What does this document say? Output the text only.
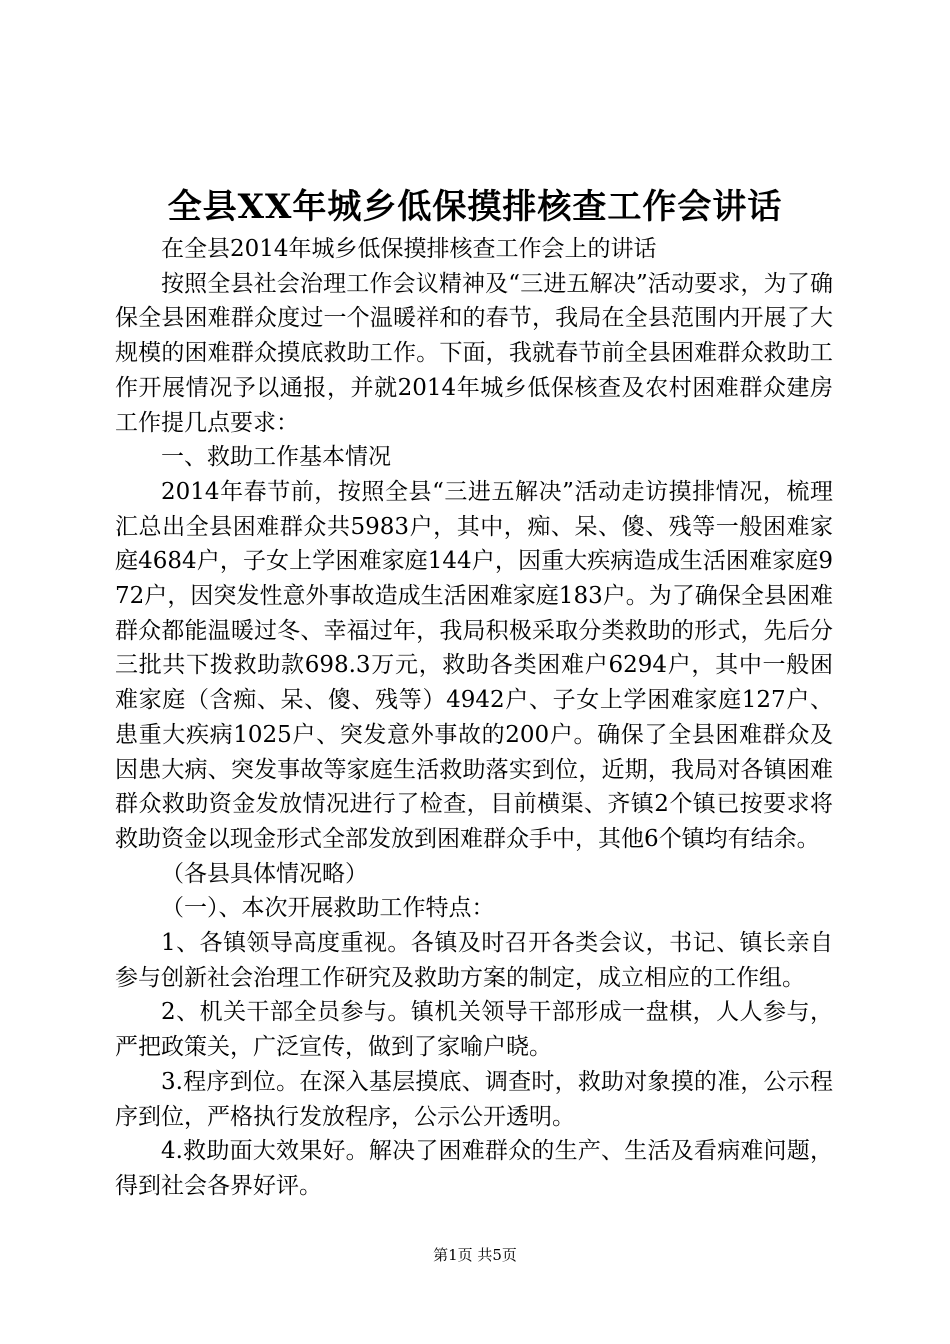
全县XX年城乡低保摸排核查工作会讲话

在全县2014年城乡低保摸排核查工作会上的讲话

按照全县社会治理工作会议精神及“三进五解决”活动要求，为了确保全县困难群众度过一个温暖祥和的春节，我局在全县范围内开展了大规模的困难群众摸底救助工作。下面，我就春节前全县困难群众救助工作开展情况予以通报，并就2014年城乡低保核查及农村困难群众建房工作提几点要求：

一、救助工作基本情况

2014年春节前，按照全县“三进五解决”活动走访摸排情况，梳理汇总出全县困难群众共5983户，其中，痴、呆、傻、残等一般困难家庭4684户，子女上学困难家庭144户，因重大疾病造成生活困难家庭972户，因突发性意外事故造成生活困难家庭183户。为了确保全县困难群众都能温暖过冬、幸福过年，我局积极采取分类救助的形式，先后分三批共下拨救助款698.3万元，救助各类困难户6294户，其中一般困难家庭（含痴、呆、傻、残等）4942户、子女上学困难家庭127户、患重大疾病1025户、突发意外事故的200户。确保了全县困难群众及因患大病、突发事故等家庭生活救助落实到位，近期，我局对各镇困难群众救助资金发放情况进行了检查，目前横渠、齐镇2个镇已按要求将救助资金以现金形式全部发放到困难群众手中，其他6个镇均有结余。

（各县具体情况略）

（一）、本次开展救助工作特点：

1、各镇领导高度重视。各镇及时召开各类会议，书记、镇长亲自参与创新社会治理工作研究及救助方案的制定，成立相应的工作组。

2、机关干部全员参与。镇机关领导干部形成一盘棋，人人参与，严把政策关，广泛宣传，做到了家喻户晓。

3.程序到位。在深入基层摸底、调查时，救助对象摸的准，公示程序到位，严格执行发放程序，公示公开透明。

4.救助面大效果好。解决了困难群众的生产、生活及看病难问题，得到社会各界好评。

第1页 共5页
